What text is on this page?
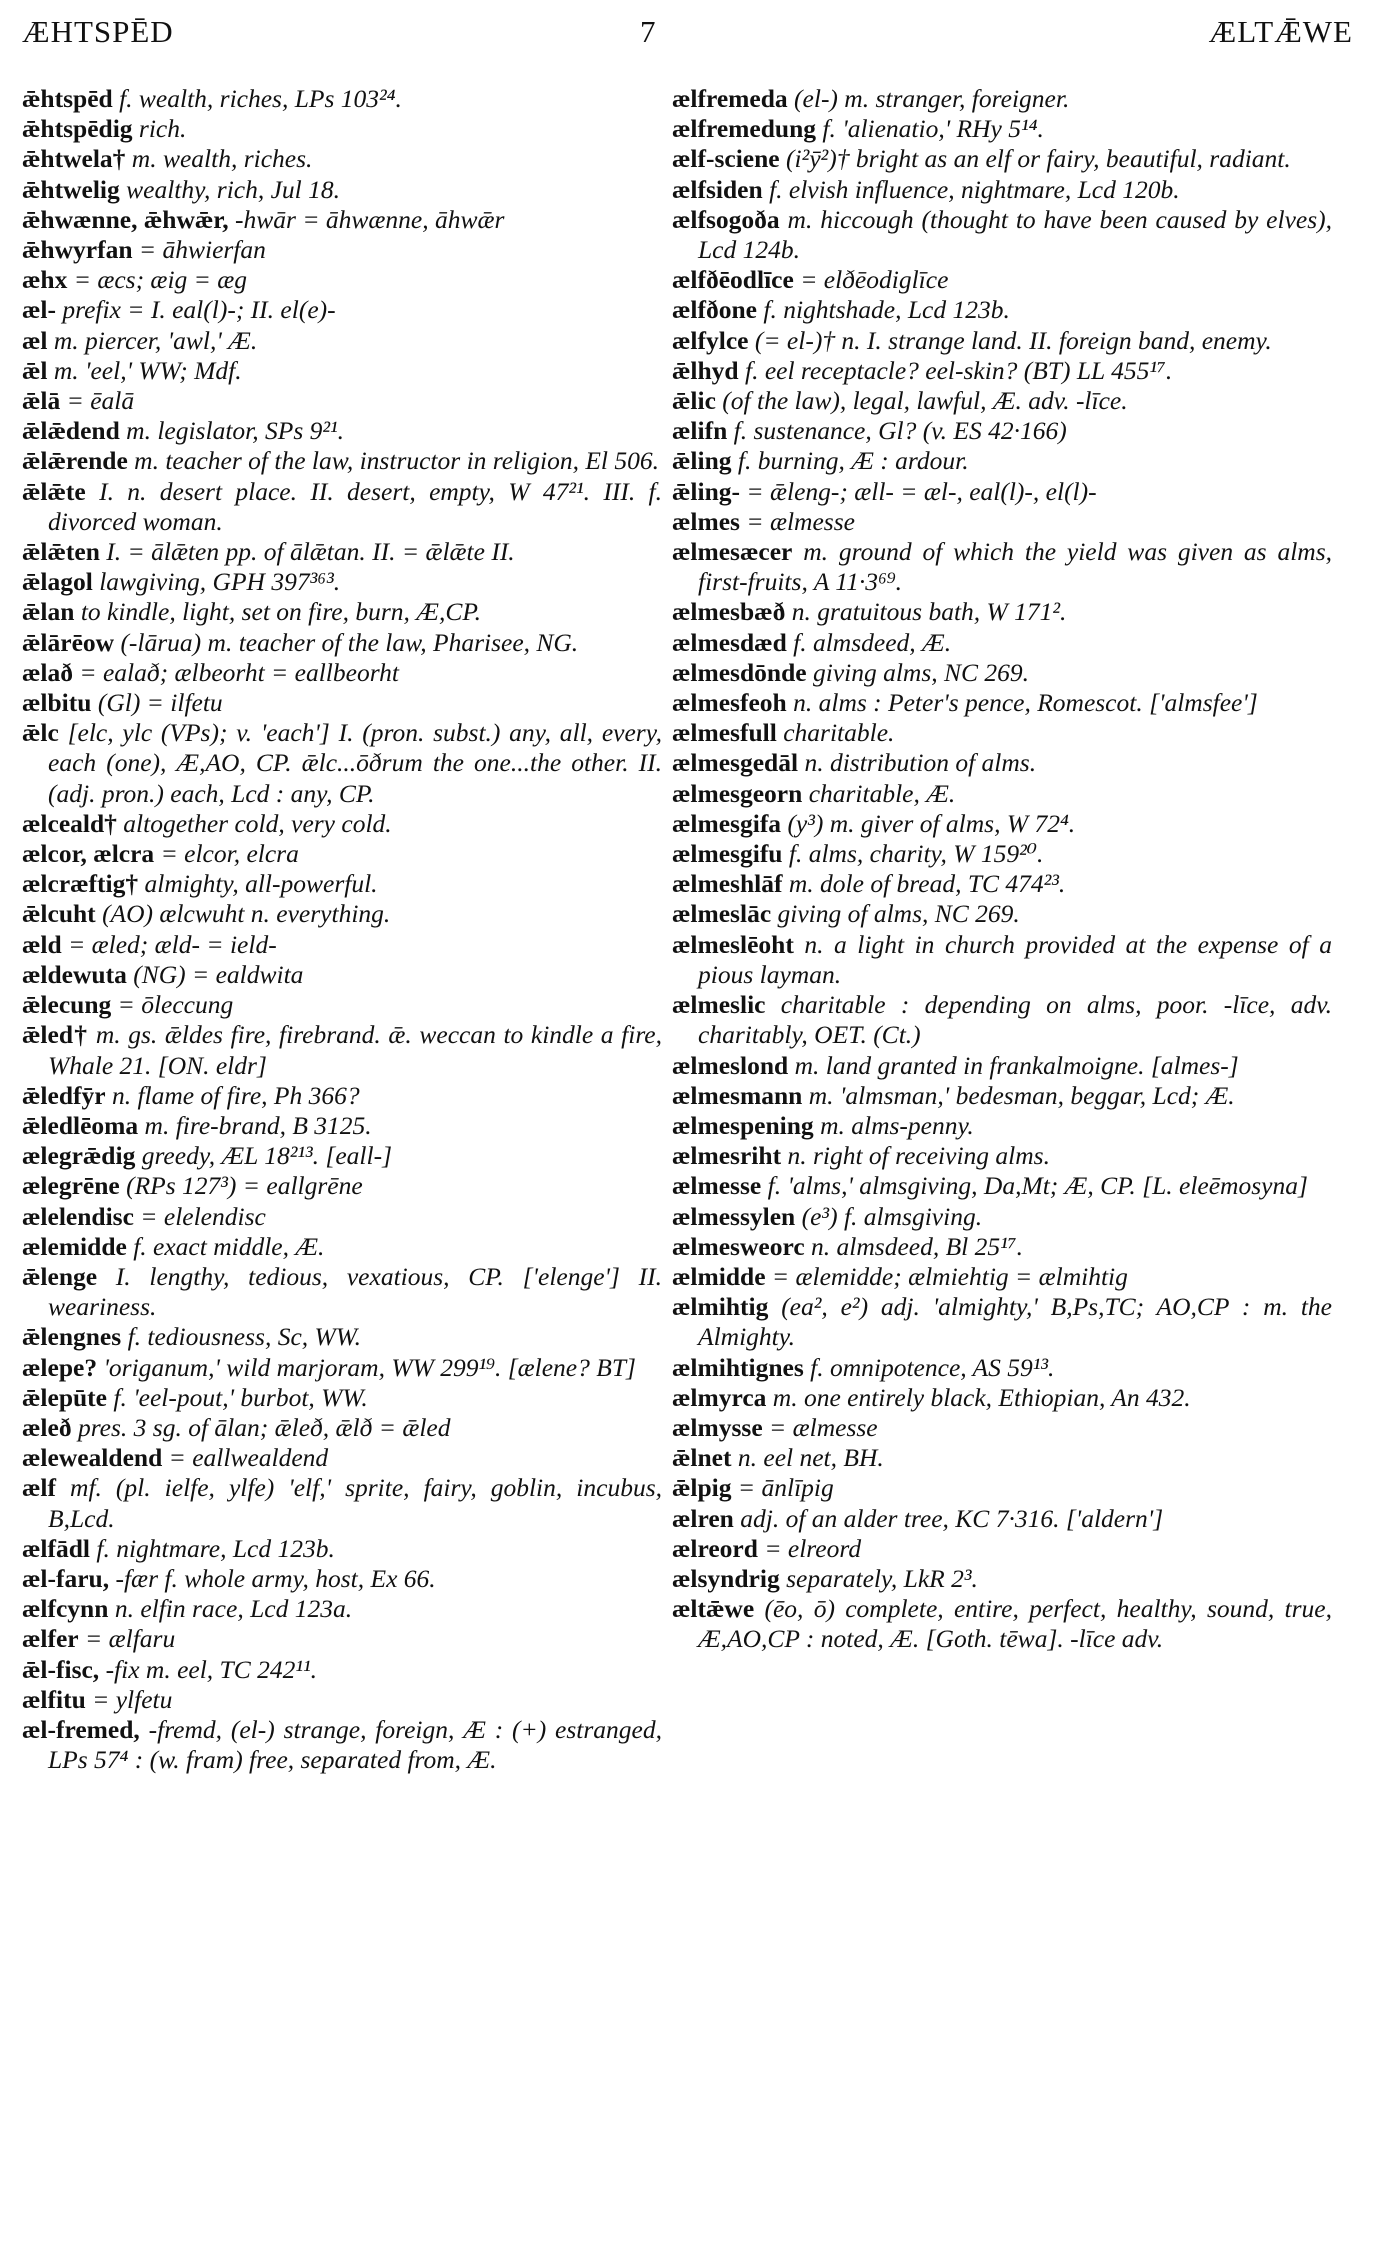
ÆHTSPĒD	7	ÆLTǢWE

ǣhtspēd f. wealth, riches, LPs 103²⁴.

ǣhtspēdig rich.

ǣhtwela† m. wealth, riches.

ǣhtwelig wealthy, rich, Jul 18.

ǣhwænne, ǣhwǣr, -hwār = āhwænne, āhwǣr

ǣhwyrfan = āhwierfan

æhx = æcs; æig = æg

æl- prefix = I. eal(l)-; II. el(e)-

æl m. piercer, 'awl,' Æ.

ǣl m. 'eel,' WW; Mdf.

ǣlā = ēalā

ǣlǣdend m. legislator, SPs 9²¹.

ǣlǣrende m. teacher of the law, instructor in religion, El 506.

ǣlǣte I. n. desert place. II. desert, empty, W 47²¹. III. f. divorced woman.

ǣlǣten I. = ālǣten pp. of ālǣtan. II. = ǣlǣte II.

ǣlagol lawgiving, GPH 397³⁶³.

ǣlan to kindle, light, set on fire, burn, Æ,CP.

ǣlārēow (-lārua) m. teacher of the law, Pharisee, NG.

ælað = ealað; ælbeorht = eallbeorht

ælbitu (Gl) = ilfetu

ǣlc [elc, ylc (VPs); v. 'each'] I. (pron. subst.) any, all, every, each (one), Æ,AO, CP. ǣlc...ōðrum the one...the other. II. (adj. pron.) each, Lcd : any, CP.

ælceald† altogether cold, very cold.

ælcor, ælcra = elcor, elcra

ælcræftig† almighty, all-powerful.

ǣlcuht (AO) ælcwuht n. everything.

æld = æled; æld- = ield-

ældewuta (NG) = ealdwita

ǣlecung = ōleccung

ǣled† m. gs. ǣldes fire, firebrand. ǣ. weccan to kindle a fire, Whale 21. [ON. eldr]

ǣledfȳr n. flame of fire, Ph 366?

ǣledlēoma m. fire-brand, B 3125.

ælegrǣdig greedy, ÆL 18²¹³. [eall-]

ælegrēne (RPs 127³) = eallgrēne

ælelendisc = elelendisc

ælemidde f. exact middle, Æ.

ǣlenge I. lengthy, tedious, vexatious, CP. ['elenge'] II. weariness.

ǣlengnes f. tediousness, Sc, WW.

ælepe? 'origanum,' wild marjoram, WW 299¹⁹. [ælene? BT]

ǣlepūte f. 'eel-pout,' burbot, WW.

æleð pres. 3 sg. of ālan; ǣleð, ǣlð = ǣled

ælewealdend = eallwealdend

ælf mf. (pl. ielfe, ylfe) 'elf,' sprite, fairy, goblin, incubus, B,Lcd.

ælfādl f. nightmare, Lcd 123b.

æl-faru, -fær f. whole army, host, Ex 66.

ælfcynn n. elfin race, Lcd 123a.

ælfer = ælfaru

ǣl-fisc, -fix m. eel, TC 242¹¹.

ælfitu = ylfetu

æl-fremed, -fremd, (el-) strange, foreign, Æ : (+) estranged, LPs 57⁴ : (w. fram) free, separated from, Æ.

ælfremeda (el-) m. stranger, foreigner.

ælfremedung f. 'alienatio,' RHy 5¹⁴.

ælf-sciene (i²ȳ²)† bright as an elf or fairy, beautiful, radiant.

ælfsiden f. elvish influence, nightmare, Lcd 120b.

ælfsogoða m. hiccough (thought to have been caused by elves), Lcd 124b.

ælfðēodlīce = elðēodiglīce

ælfðone f. nightshade, Lcd 123b.

ælfylce (= el-)† n. I. strange land. II. foreign band, enemy.

ǣlhyd f. eel receptacle? eel-skin? (BT) LL 455¹⁷.

ǣlic (of the law), legal, lawful, Æ. adv. -līce.

ælifn f. sustenance, Gl? (v. ES 42·166)

ǣling f. burning, Æ : ardour.

ǣling- = ǣleng-; æll- = æl-, eal(l)-, el(l)-

ælmes = ælmesse

ælmesæcer m. ground of which the yield was given as alms, first-fruits, A 11·3⁶⁹.

ælmesbæð n. gratuitous bath, W 171².

ælmesdæd f. almsdeed, Æ.

ælmesdōnde giving alms, NC 269.

ælmesfeoh n. alms : Peter's pence, Romescot. ['almsfee']

ælmesfull charitable.

ælmesgedāl n. distribution of alms.

ælmesgeorn charitable, Æ.

ælmesgifa (y³) m. giver of alms, W 72⁴.

ælmesgifu f. alms, charity, W 159²⁰.

ælmeshlāf m. dole of bread, TC 474²³.

ælmeslāc giving of alms, NC 269.

ælmeslēoht n. a light in church provided at the expense of a pious layman.

ælmeslic charitable : depending on alms, poor. -līce, adv. charitably, OET. (Ct.)

ælmeslond m. land granted in frankalmoigne. [almes-]

ælmesmann m. 'almsman,' bedesman, beggar, Lcd; Æ.

ælmespening m. alms-penny.

ælmesriht n. right of receiving alms.

ælmesse f. 'alms,' almsgiving, Da,Mt; Æ, CP. [L. eleēmosyna]

ælmessylen (e³) f. almsgiving.

ælmesweorc n. almsdeed, Bl 25¹⁷.

ælmidde = ælemidde; ælmiehtig = ælmihtig

ælmihtig (ea², e²) adj. 'almighty,' B,Ps,TC; AO,CP : m. the Almighty.

ælmihtignes f. omnipotence, AS 59¹³.

ælmyrca m. one entirely black, Ethiopian, An 432.

ælmysse = ælmesse

ǣlnet n. eel net, BH.

ǣlpig = ānlīpig

ælren adj. of an alder tree, KC 7·316. ['aldern']

ælreord = elreord

ælsyndrig separately, LkR 2³.

æltǣwe (ēo, ō) complete, entire, perfect, healthy, sound, true, Æ,AO,CP : noted, Æ. [Goth. tēwa]. -līce adv.
